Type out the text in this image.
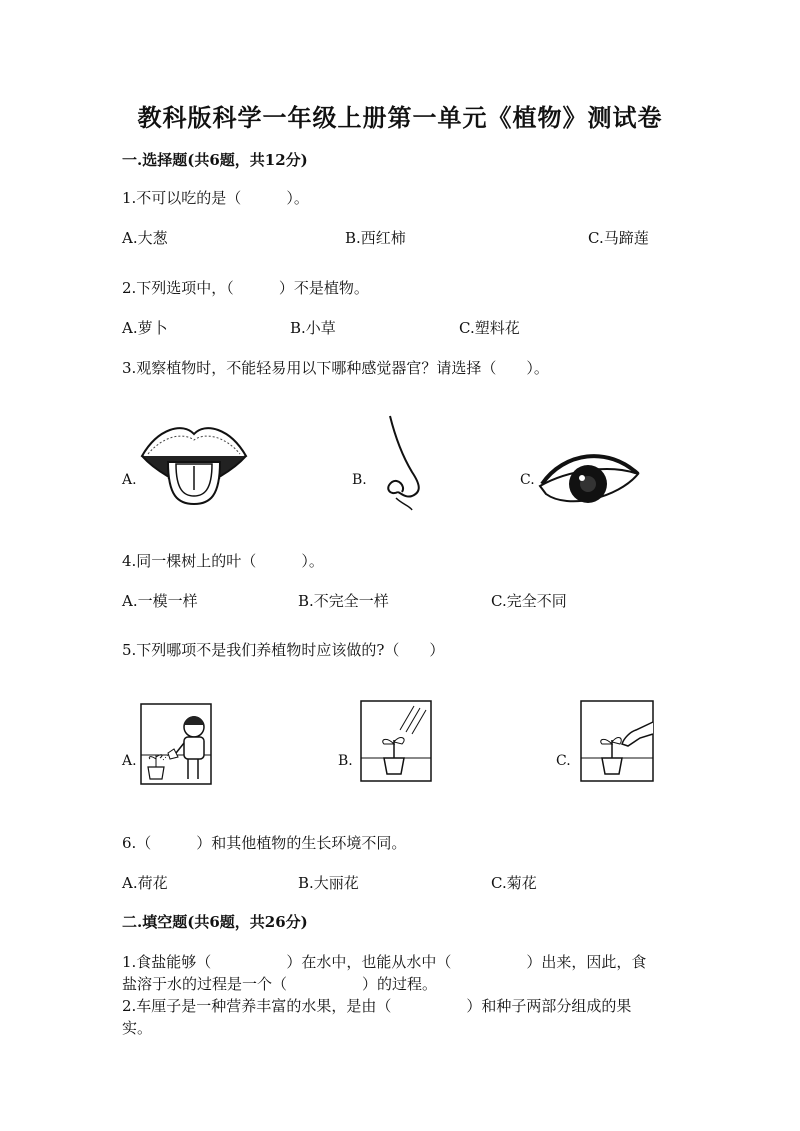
教科版科学一年级上册第一单元《植物》测试卷
一.选择题(共6题，共12分)
1.不可以吃的是（　　　）。
A.大葱	B.西红柿	C.马蹄莲
2.下列选项中，（　　　）不是植物。
A.萝卜	B.小草	C.塑料花
3.观察植物时，不能轻易用以下哪种感觉器官？请选择（　　）。
A.	B.	C.
4.同一棵树上的叶（　　　）。
A.一模一样	B.不完全一样	C.完全不同
5.下列哪项不是我们养植物时应该做的?（　　）
A.	B.	C.
6.（　　　）和其他植物的生长环境不同。
A.荷花	B.大丽花	C.菊花
二.填空题(共6题，共26分)
1.食盐能够（　　　　　）在水中，也能从水中（　　　　　）出来，因此，食
盐溶于水的过程是一个（　　　　　）的过程。
2.车厘子是一种营养丰富的水果，是由（　　　　　）和种子两部分组成的果
实。
